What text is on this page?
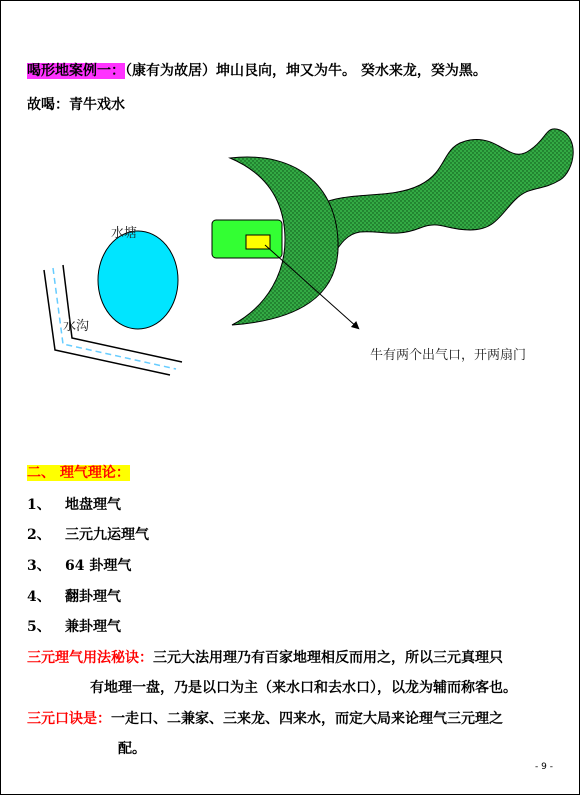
喝形地案例一：（康有为故居）坤山艮向，坤又为牛。 癸水来龙，癸为黑。
故喝：青牛戏水
水塘
水沟
牛有两个出气口，开两扇门
二、 理气理论：
1、 地盘理气
2、 三元九运理气
3、 64 卦理气
4、 翻卦理气
5、 兼卦理气
三元理气用法秘诀：三元大法用理乃有百家地理相反而用之，所以三元真理只
有地理一盘，乃是以口为主（来水口和去水口），以龙为辅而称客也。
三元口诀是：一走口、二兼家、三来龙、四来水，而定大局来论理气三元理之
配。
- 9 -
